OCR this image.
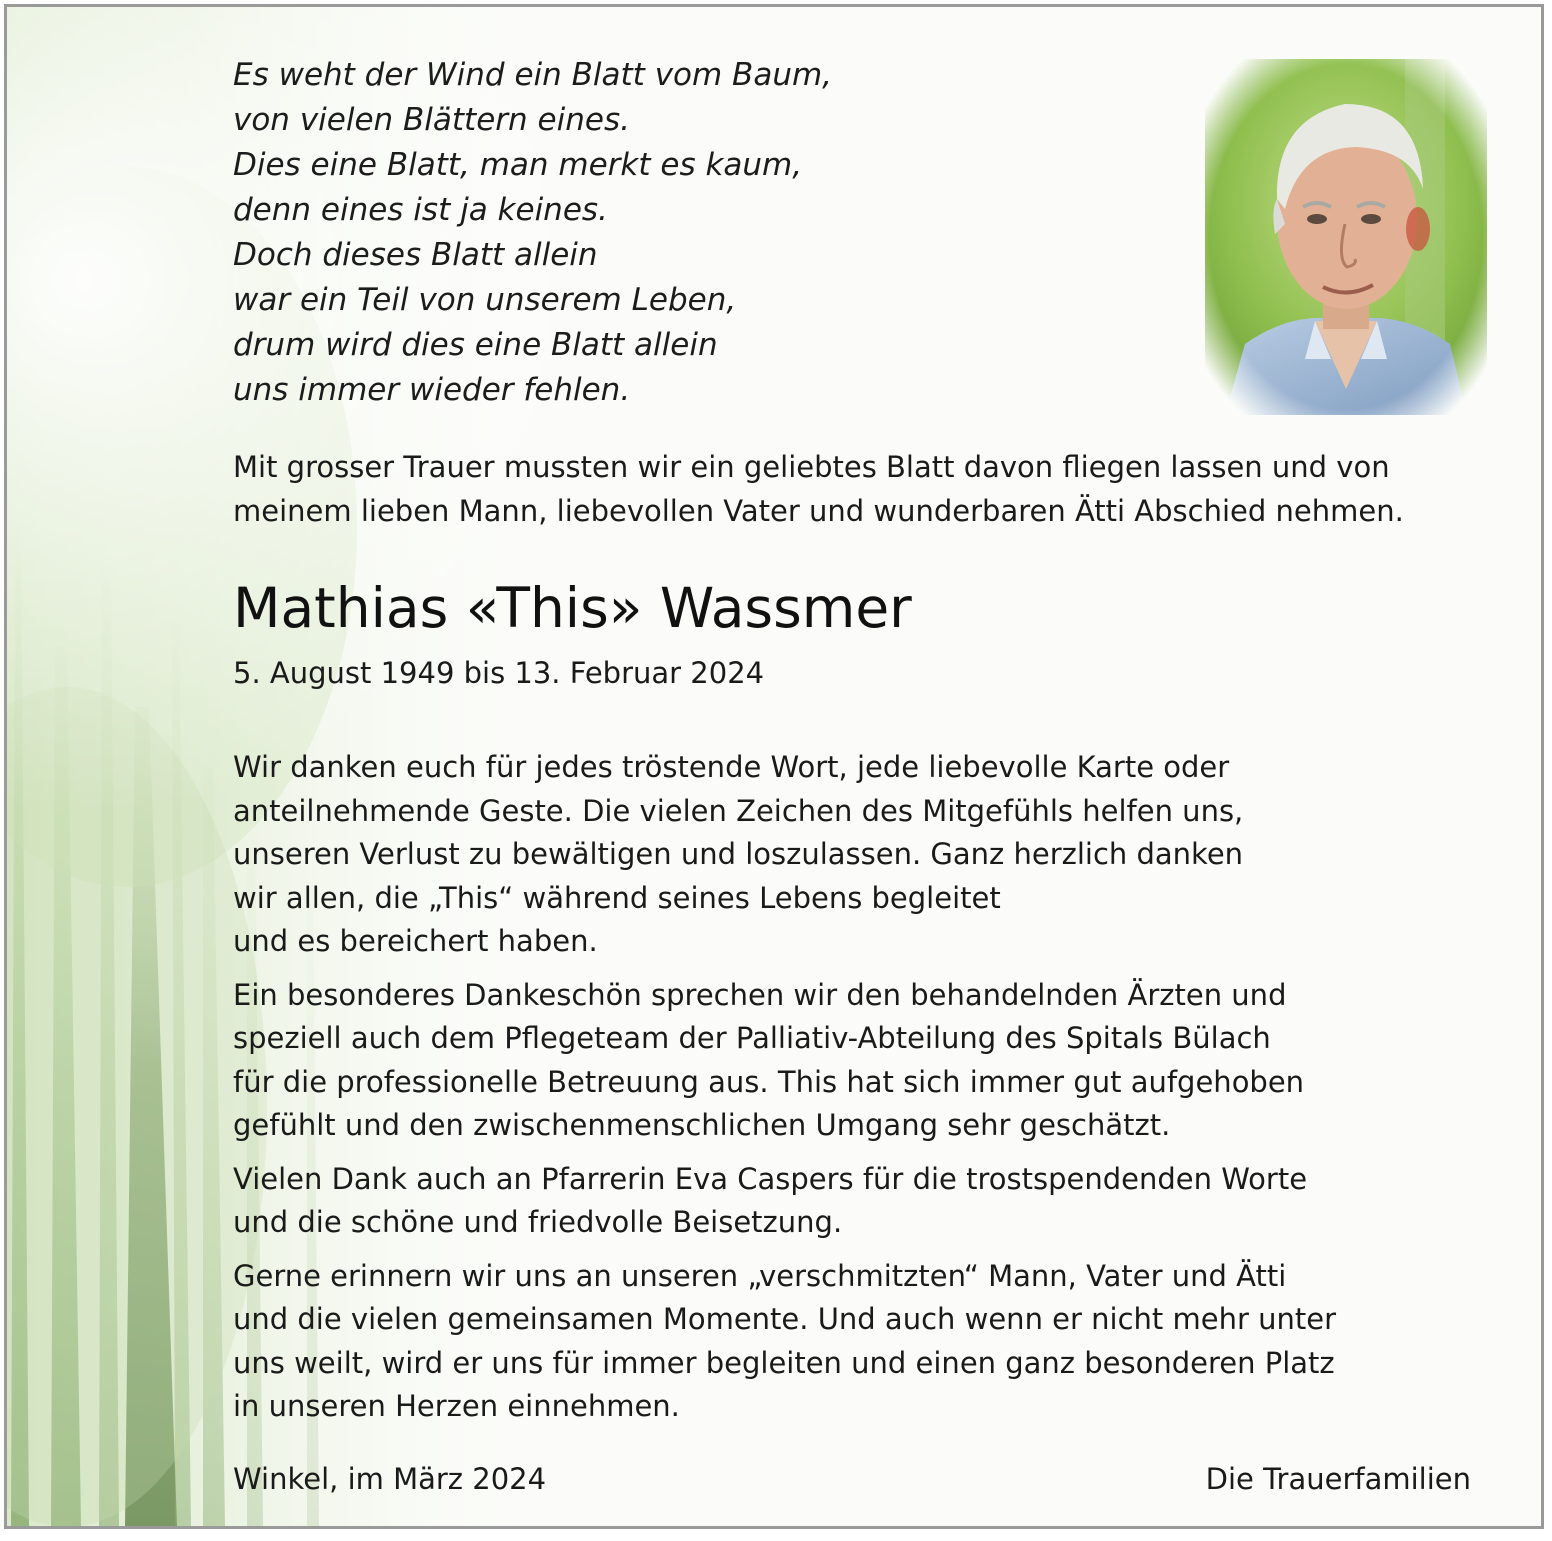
Es weht der Wind ein Blatt vom Baum,
von vielen Blättern eines.
Dies eine Blatt, man merkt es kaum,
denn eines ist ja keines.
Doch dieses Blatt allein
war ein Teil von unserem Leben,
drum wird dies eine Blatt allein
uns immer wieder fehlen.
Mit grosser Trauer mussten wir ein geliebtes Blatt davon fliegen lassen und von
meinem lieben Mann, liebevollen Vater und wunderbaren Ätti Abschied nehmen.
Mathias «This» Wassmer
5. August 1949 bis 13. Februar 2024
Wir danken euch für jedes tröstende Wort, jede liebevolle Karte oder
anteilnehmende Geste. Die vielen Zeichen des Mitgefühls helfen uns,
unseren Verlust zu bewältigen und loszulassen. Ganz herzlich danken
wir allen, die „This“ während seines Lebens begleitet
und es bereichert haben.
Ein besonderes Dankeschön sprechen wir den behandelnden Ärzten und
speziell auch dem Pflegeteam der Palliativ-Abteilung des Spitals Bülach
für die professionelle Betreuung aus. This hat sich immer gut aufgehoben
gefühlt und den zwischenmenschlichen Umgang sehr geschätzt.
Vielen Dank auch an Pfarrerin Eva Caspers für die trostspendenden Worte
und die schöne und friedvolle Beisetzung.
Gerne erinnern wir uns an unseren „verschmitzten“ Mann, Vater und Ätti
und die vielen gemeinsamen Momente. Und auch wenn er nicht mehr unter
uns weilt, wird er uns für immer begleiten und einen ganz besonderen Platz
in unseren Herzen einnehmen.
Winkel, im März 2024	Die Trauerfamilien
